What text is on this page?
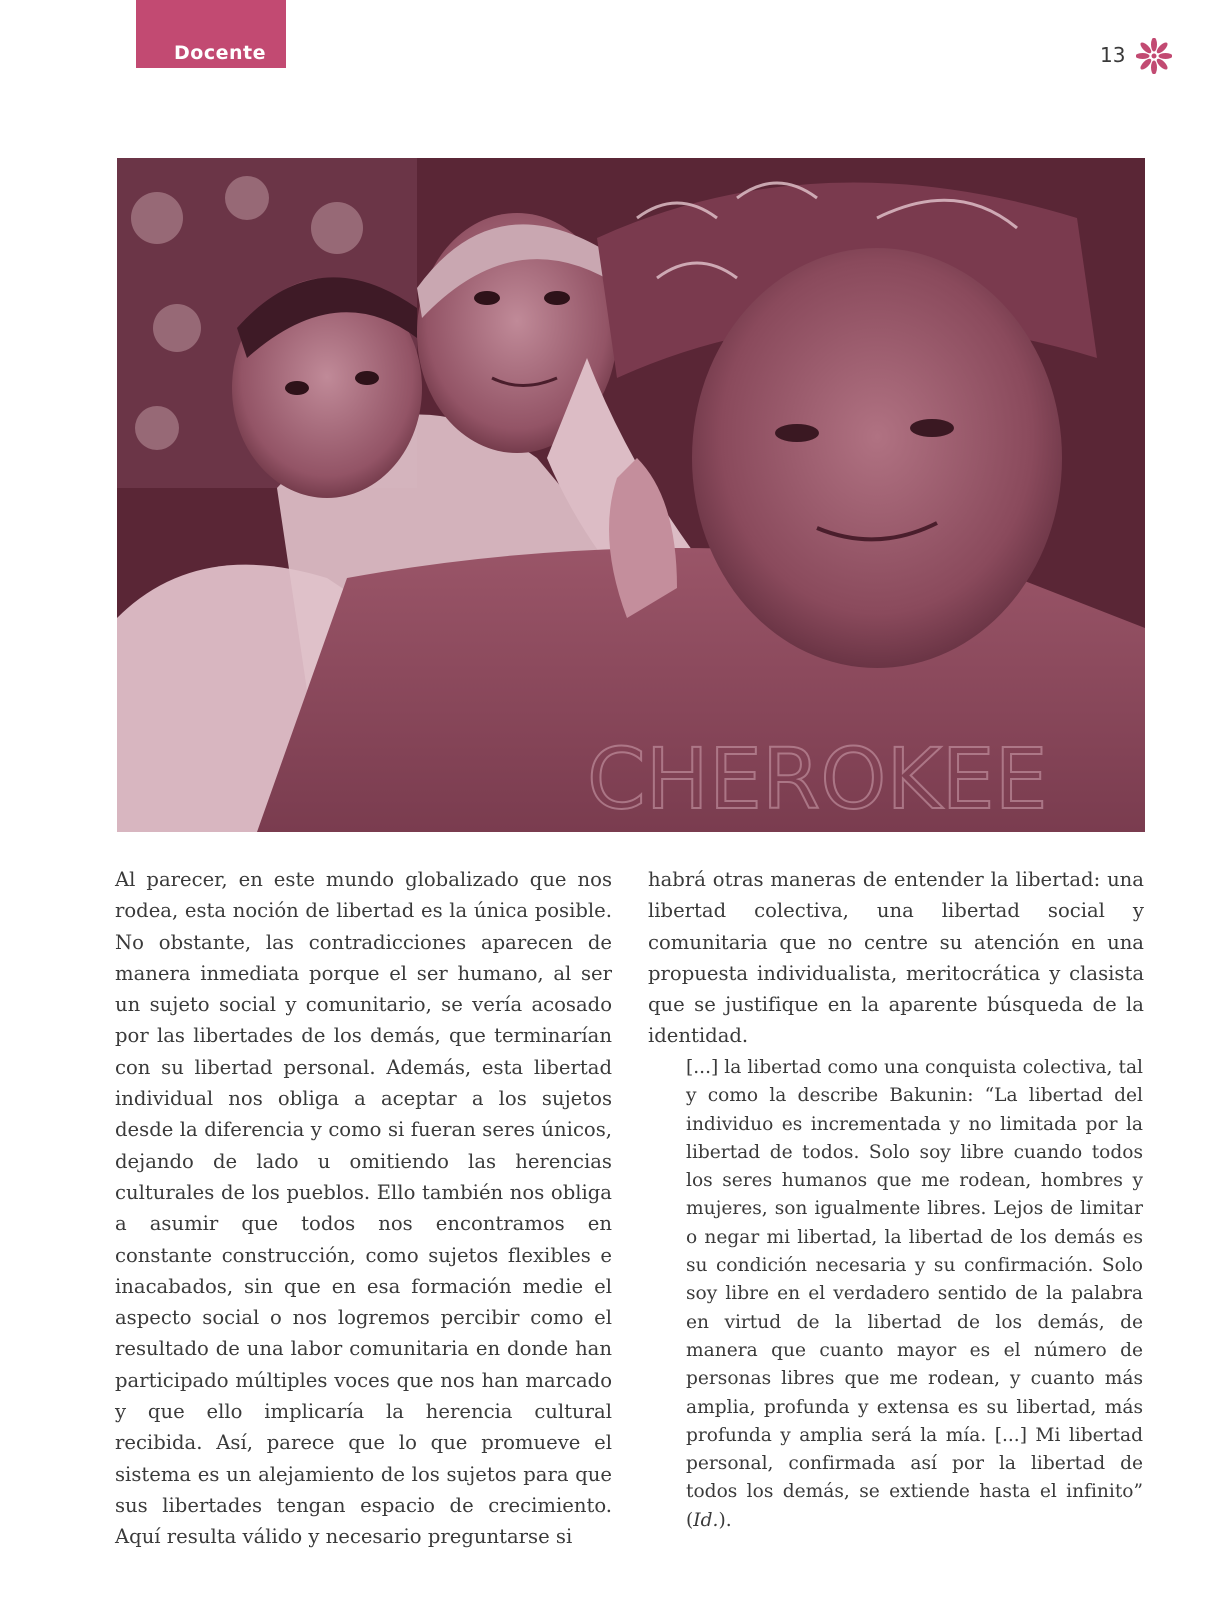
Docente	13
CHEROKEE

Al parecer, en este mundo globalizado que nos rodea, esta noción de libertad es la única posible. No obstante, las contradicciones aparecen de manera inmediata porque el ser humano, al ser un sujeto social y comunitario, se vería acosado por las libertades de los demás, que terminarían con su libertad personal. Además, esta libertad individual nos obliga a aceptar a los sujetos desde la diferencia y como si fueran seres únicos, dejando de lado u omitiendo las herencias culturales de los pueblos. Ello también nos obliga a asumir que todos nos encontramos en constante construcción, como sujetos flexibles e inacabados, sin que en esa formación medie el aspecto social o nos logremos percibir como el resultado de una labor comunitaria en donde han participado múltiples voces que nos han marcado y que ello implicaría la herencia cultural recibida. Así, parece que lo que promueve el sistema es un alejamiento de los sujetos para que sus libertades tengan espacio de crecimiento. Aquí resulta válido y necesario preguntarse si

habrá otras maneras de entender la libertad: una libertad colectiva, una libertad social y comunitaria que no centre su atención en una propuesta individualista, meritocrática y clasista que se justifique en la aparente búsqueda de la identidad.

[...] la libertad como una conquista colectiva, tal y como la describe Bakunin: “La libertad del individuo es incrementada y no limitada por la libertad de todos. Solo soy libre cuando todos los seres humanos que me rodean, hombres y mujeres, son igualmente libres. Lejos de limitar o negar mi libertad, la libertad de los demás es su condición necesaria y su confirmación. Solo soy libre en el verdadero sentido de la palabra en virtud de la libertad de los demás, de manera que cuanto mayor es el número de personas libres que me rodean, y cuanto más amplia, profunda y extensa es su libertad, más profunda y amplia será la mía. [...] Mi libertad personal, confirmada así por la libertad de todos los demás, se extiende hasta el infinito” (Id.).
